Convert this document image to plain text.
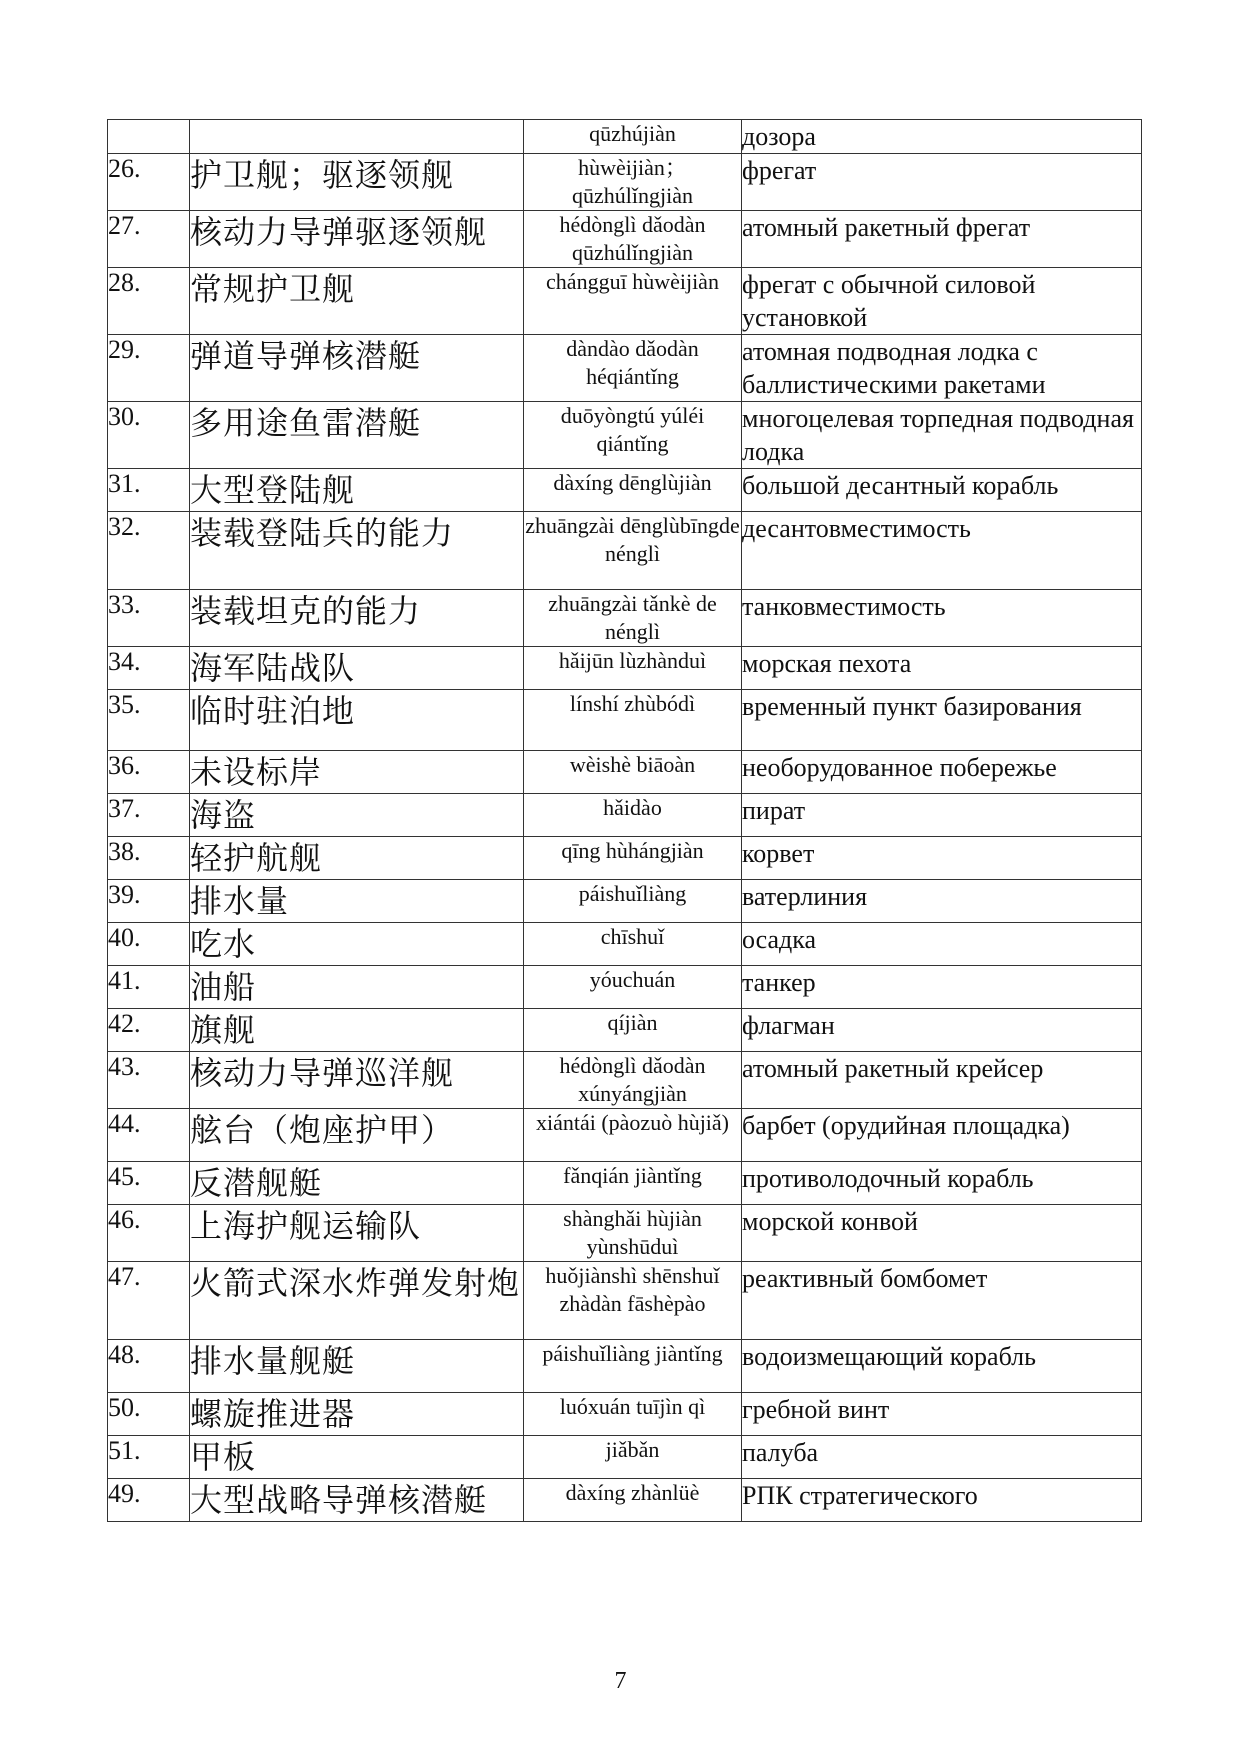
		qūzhújiàn	дозора
26.	护卫舰；驱逐领舰	hùwèijiàn；qūzhúlǐngjiàn	фрегат
27.	核动力导弹驱逐领舰	hédònglì dǎodàn qūzhúlǐngjiàn	атомный ракетный фрегат
28.	常规护卫舰	chángguī hùwèijiàn	фрегат с обычной силовой установкой
29.	弹道导弹核潜艇	dàndào dǎodàn héqiántǐng	атомная подводная лодка с баллистическими ракетами
30.	多用途鱼雷潜艇	duōyòngtú yúléi qiántǐng	многоцелевая торпедная подводная лодка
31.	大型登陆舰	dàxíng dēnglùjiàn	большой десантный корабль
32.	装载登陆兵的能力	zhuāngzài dēnglùbīngde nénglì	десантовместимость
33.	装载坦克的能力	zhuāngzài tǎnkè de nénglì	танковместимость
34.	海军陆战队	hǎijūn lùzhànduì	морская пехота
35.	临时驻泊地	línshí zhùbódì	временный пункт базирования
36.	未设标岸	wèishè biāoàn	необорудованное побережье
37.	海盗	hǎidào	пират
38.	轻护航舰	qīng hùhángjiàn	корвет
39.	排水量	páishuǐliàng	ватерлиния
40.	吃水	chīshuǐ	осадка
41.	油船	yóuchuán	танкер
42.	旗舰	qíjiàn	флагман
43.	核动力导弹巡洋舰	hédònglì dǎodàn xúnyángjiàn	атомный ракетный крейсер
44.	舷台（炮座护甲）	xiántái (pàozuò hùjiǎ)	барбет (орудийная площадка)
45.	反潜舰艇	fǎnqián jiàntǐng	противолодочный корабль
46.	上海护舰运输队	shànghǎi hùjiàn yùnshūduì	морской конвой
47.	火箭式深水炸弹发射炮	huǒjiànshì shēnshuǐ zhàdàn fāshèpào	реактивный бомбомет
48.	排水量舰艇	páishuǐliàng jiàntǐng	водоизмещающий корабль
50.	螺旋推进器	luóxuán tuījìn qì	гребной винт
51.	甲板	jiǎbǎn	палуба
49.	大型战略导弹核潜艇	dàxíng zhànlüè	РПК стратегического
7
